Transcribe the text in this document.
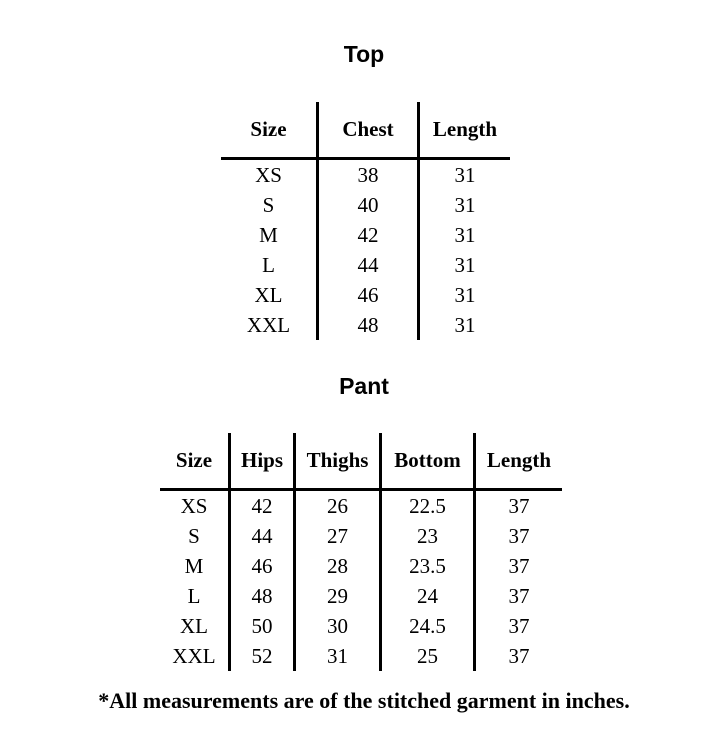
Top
Size	Chest	Length
XS	38	31
S	40	31
M	42	31
L	44	31
XL	46	31
XXL	48	31
Pant
Size	Hips	Thighs	Bottom	Length
XS	42	26	22.5	37
S	44	27	23	37
M	46	28	23.5	37
L	48	29	24	37
XL	50	30	24.5	37
XXL	52	31	25	37
*All measurements are of the stitched garment in inches.
